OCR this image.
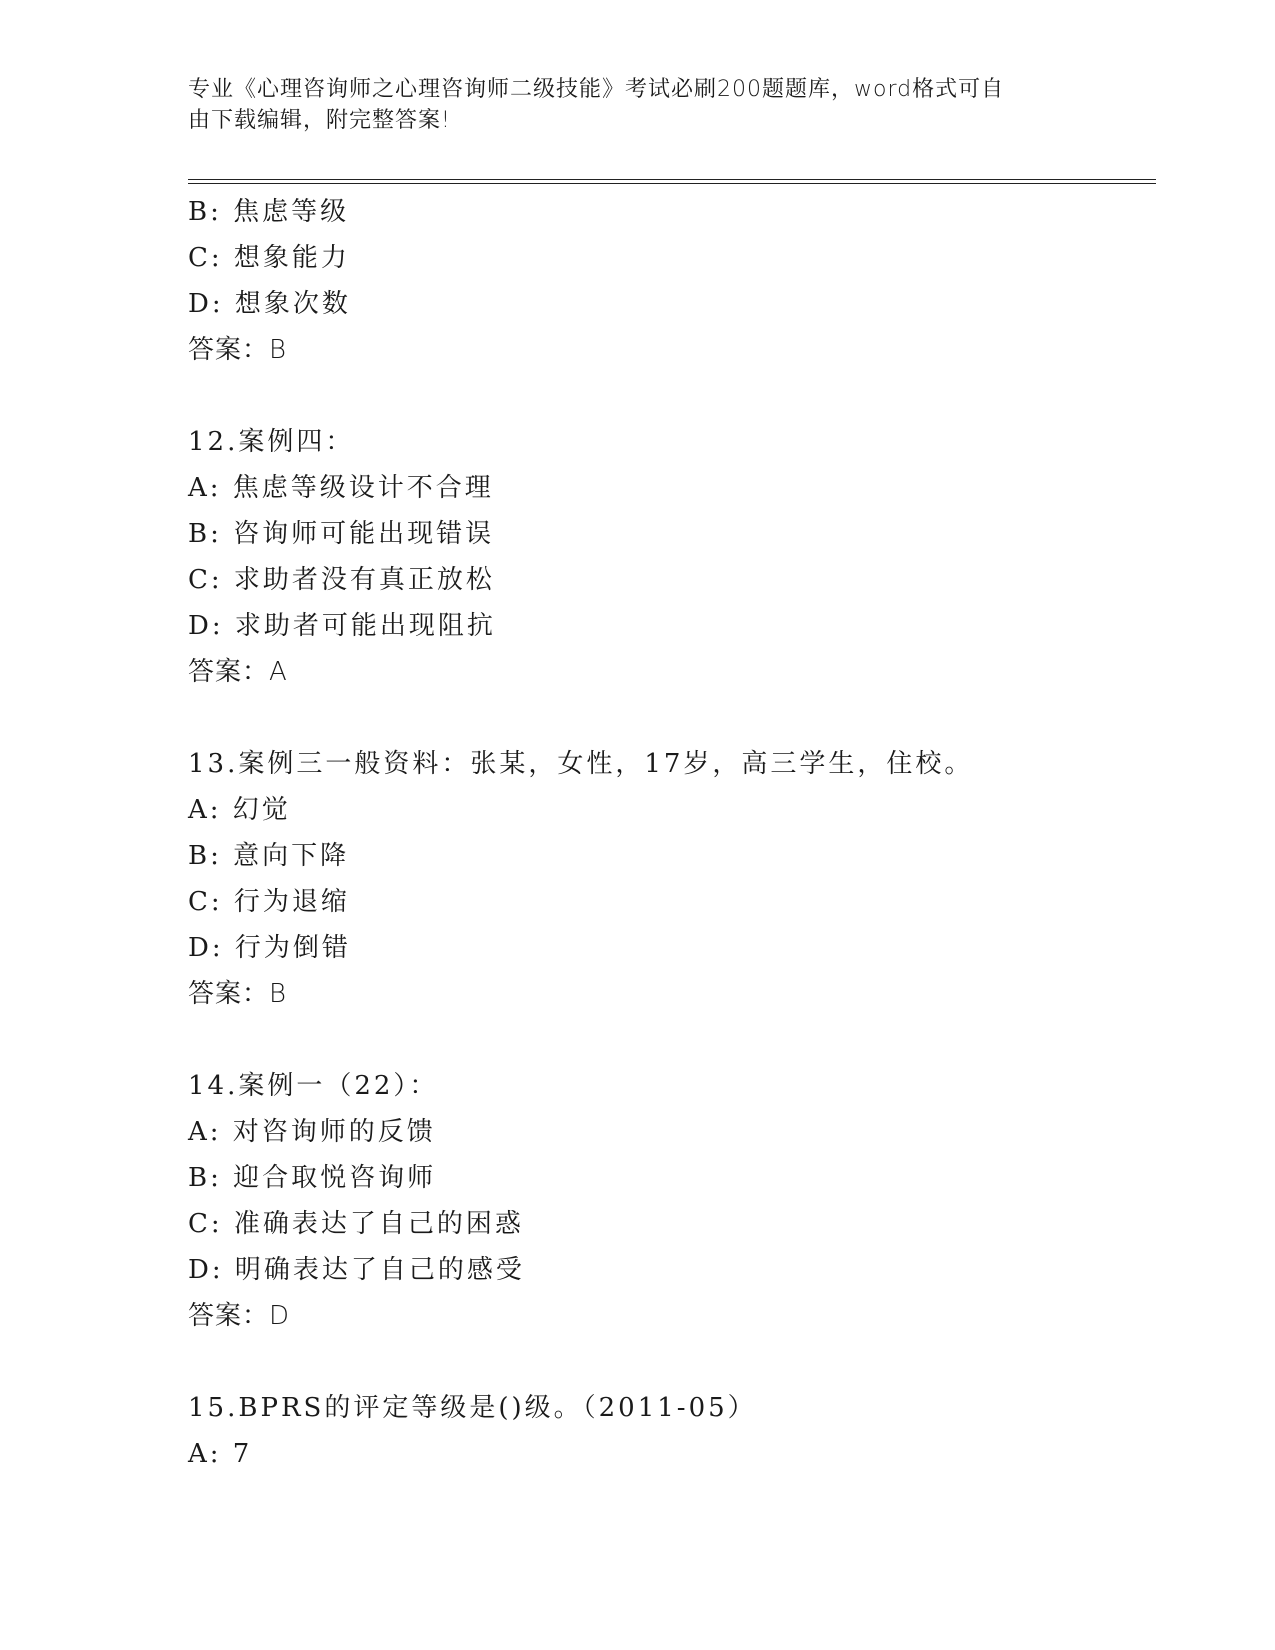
专业《心理咨询师之心理咨询师二级技能》考试必刷200题题库，word格式可自
由下载编辑，附完整答案!
B: 焦虑等级
C: 想象能力
D: 想象次数
答案：B
12.案例四：
A: 焦虑等级设计不合理
B: 咨询师可能出现错误
C: 求助者没有真正放松
D: 求助者可能出现阻抗
答案：A
13.案例三一般资料：张某，女性，17岁，高三学生，住校。
A: 幻觉
B: 意向下降
C: 行为退缩
D: 行为倒错
答案：B
14.案例一（22）：
A: 对咨询师的反馈
B: 迎合取悦咨询师
C: 准确表达了自己的困惑
D: 明确表达了自己的感受
答案：D
15.BPRS的评定等级是()级。（2011-05）
A: 7
